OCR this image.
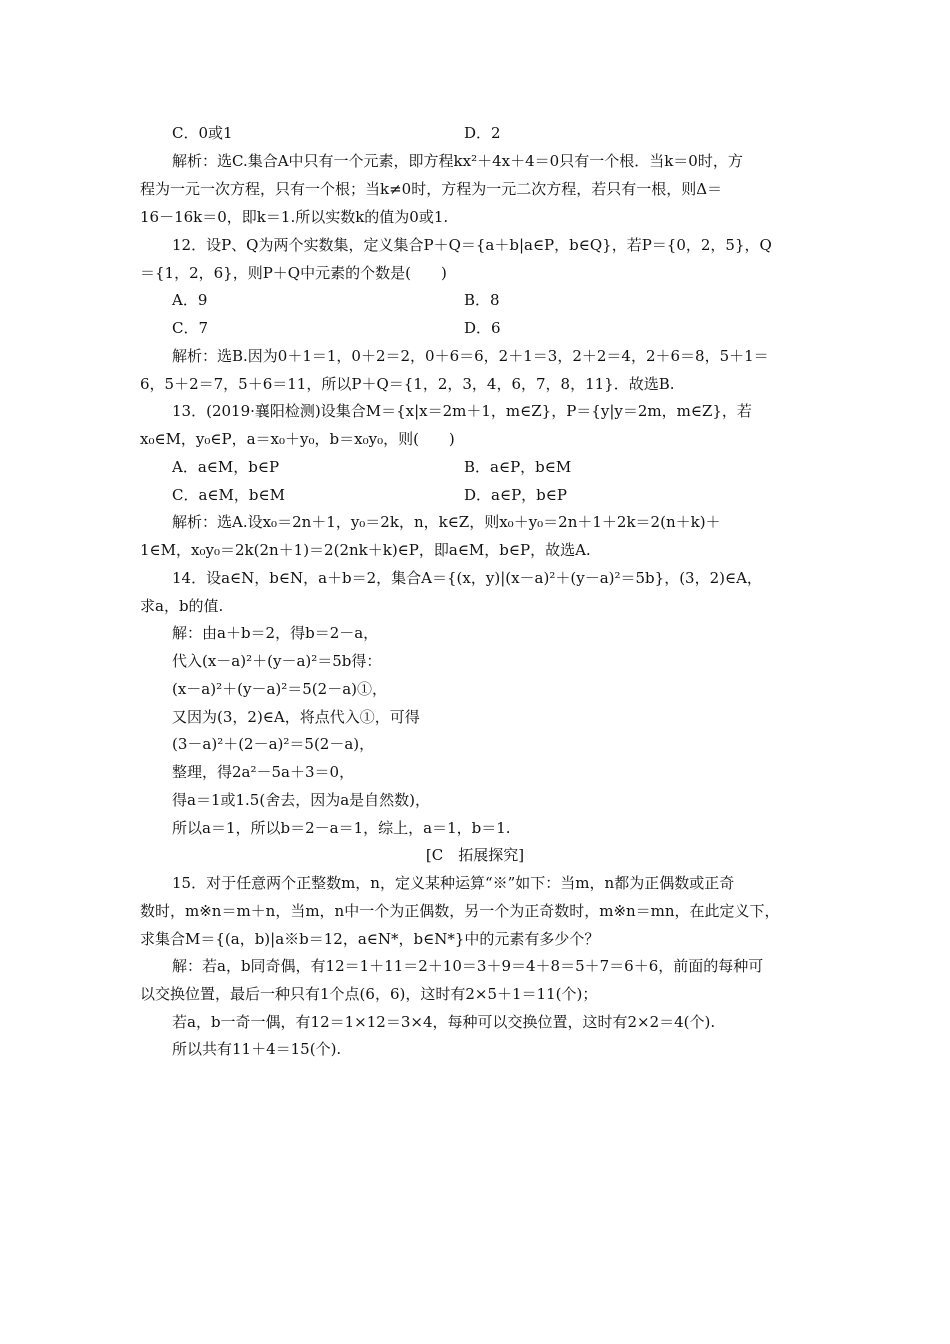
C．0或1	D．2
解析：选C.集合A中只有一个元素，即方程kx²＋4x＋4＝0只有一个根．当k＝0时，方
程为一元一次方程，只有一个根；当k≠0时，方程为一元二次方程，若只有一根，则Δ＝
16－16k＝0，即k＝1.所以实数k的值为0或1.
12．设P、Q为两个实数集，定义集合P＋Q＝{a＋b|a∈P，b∈Q}，若P＝{0，2，5}，Q
＝{1，2，6}，则P＋Q中元素的个数是(　　)
A．9	B．8
C．7	D．6
解析：选B.因为0＋1＝1，0＋2＝2，0＋6＝6，2＋1＝3，2＋2＝4，2＋6＝8，5＋1＝
6，5＋2＝7，5＋6＝11，所以P＋Q＝{1，2，3，4，6，7，8，11}．故选B.
13．(2019·襄阳检测)设集合M＝{x|x＝2m＋1，m∈Z}，P＝{y|y＝2m，m∈Z}，若
x₀∈M，y₀∈P，a＝x₀＋y₀，b＝x₀y₀，则(　　)
A．a∈M，b∈P	B．a∈P，b∈M
C．a∈M，b∈M	D．a∈P，b∈P
解析：选A.设x₀＝2n＋1，y₀＝2k，n，k∈Z，则x₀＋y₀＝2n＋1＋2k＝2(n＋k)＋
1∈M，x₀y₀＝2k(2n＋1)＝2(2nk＋k)∈P，即a∈M，b∈P，故选A.
14．设a∈N，b∈N，a＋b＝2，集合A＝{(x，y)|(x－a)²＋(y－a)²＝5b}，(3，2)∈A，
求a，b的值.
解：由a＋b＝2，得b＝2－a，
代入(x－a)²＋(y－a)²＝5b得：
(x－a)²＋(y－a)²＝5(2－a)①，
又因为(3，2)∈A，将点代入①，可得
(3－a)²＋(2－a)²＝5(2－a)，
整理，得2a²－5a＋3＝0，
得a＝1或1.5(舍去，因为a是自然数)，
所以a＝1，所以b＝2－a＝1，综上，a＝1，b＝1.
[C　拓展探究]
15．对于任意两个正整数m，n，定义某种运算“※”如下：当m，n都为正偶数或正奇
数时，m※n＝m＋n，当m，n中一个为正偶数，另一个为正奇数时，m※n＝mn，在此定义下，
求集合M＝{(a，b)|a※b＝12，a∈N*，b∈N*}中的元素有多少个？
解：若a，b同奇偶，有12＝1＋11＝2＋10＝3＋9＝4＋8＝5＋7＝6＋6，前面的每种可
以交换位置，最后一种只有1个点(6，6)，这时有2×5＋1＝11(个)；
若a，b一奇一偶，有12＝1×12＝3×4，每种可以交换位置，这时有2×2＝4(个).
所以共有11＋4＝15(个).
